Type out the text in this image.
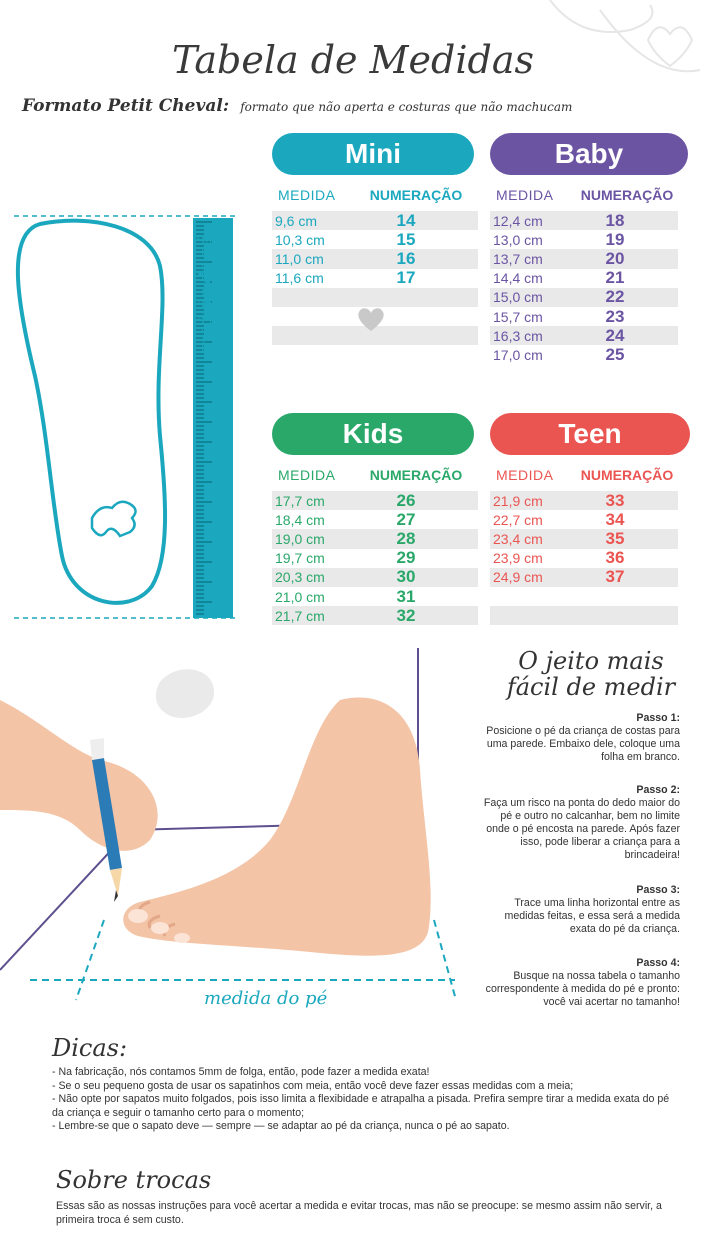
Tabela de Medidas
Formato Petit Cheval: formato que não aperta e costuras que não machucam
medida do pé
Mini
MEDIDA	NUMERAÇÃO
9,6 cm	14
10,3 cm	15
11,0 cm	16
11,6 cm	17
Baby
MEDIDA	NUMERAÇÃO
12,4 cm	18
13,0 cm	19
13,7 cm	20
14,4 cm	21
15,0 cm	22
15,7 cm	23
16,3 cm	24
17,0 cm	25
Kids
MEDIDA	NUMERAÇÃO
17,7 cm	26
18,4 cm	27
19,0 cm	28
19,7 cm	29
20,3 cm	30
21,0 cm	31
21,7 cm	32
Teen
MEDIDA	NUMERAÇÃO
21,9 cm	33
22,7 cm	34
23,4 cm	35
23,9 cm	36
24,9 cm	37
medida do pé
O jeito mais
fácil de medir
Passo 1:
Posicione o pé da criança de costas para uma parede. Embaixo dele, coloque uma folha em branco.
Passo 2:
Faça um risco na ponta do dedo maior do pé e outro no calcanhar, bem no limite onde o pé encosta na parede. Após fazer isso, pode liberar a criança para a brincadeira!
Passo 3:
Trace uma linha horizontal entre as medidas feitas, e essa será a medida exata do pé da criança.
Passo 4:
Busque na nossa tabela o tamanho correspondente à medida do pé e pronto: você vai acertar no tamanho!
Dicas:
- Na fabricação, nós contamos 5mm de folga, então, pode fazer a medida exata!
- Se o seu pequeno gosta de usar os sapatinhos com meia, então você deve fazer essas medidas com a meia;
- Não opte por sapatos muito folgados, pois isso limita a flexibidade e atrapalha a pisada. Prefira sempre tirar a medida exata do pé da criança e seguir o tamanho certo para o momento;
- Lembre-se que o sapato deve — sempre — se adaptar ao pé da criança, nunca o pé ao sapato.
Sobre trocas
Essas são as nossas instruções para você acertar a medida e evitar trocas, mas não se preocupe: se mesmo assim não servir, a primeira troca é sem custo.
